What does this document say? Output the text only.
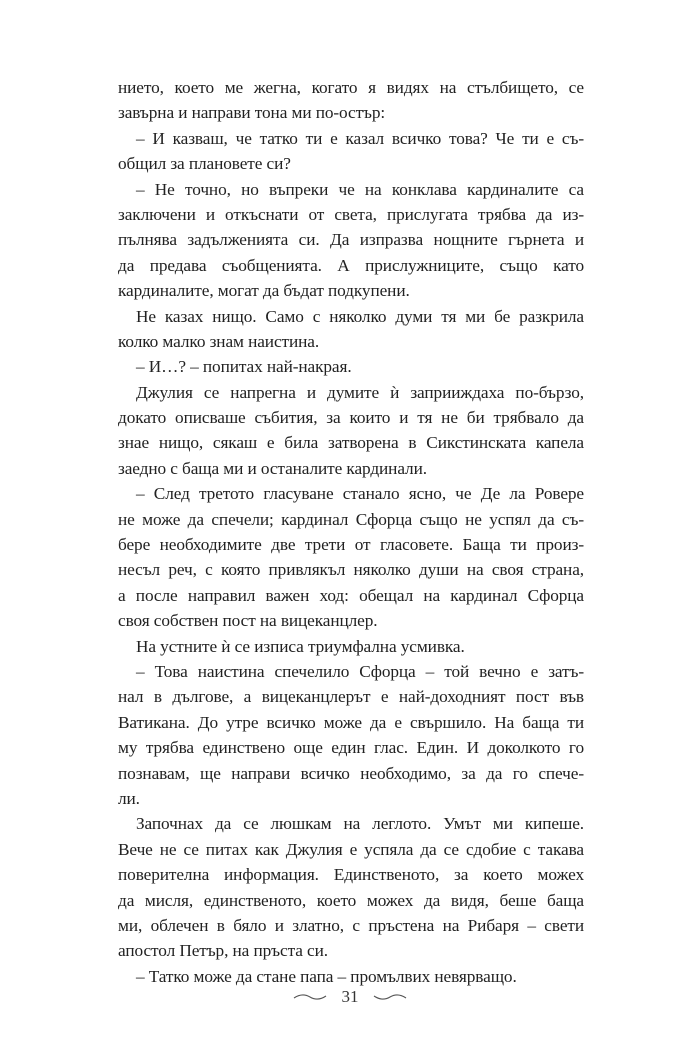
нието, което ме жегна, когато я видях на стълбището, се
завърна и направи тона ми по-остър:
– И казваш, че татко ти е казал всичко това? Че ти е съ-
общил за плановете си?
– Не точно, но въпреки че на конклава кардиналите са
заключени и откъснати от света, прислугата трябва да из-
пълнява задълженията си. Да изпразва нощните гърнета и
да предава съобщенията. А прислужниците, също като
кардиналите, могат да бъдат подкупени.
Не казах нищо. Само с няколко думи тя ми бе разкрила
колко малко знам наистина.
– И…? – попитах най-накрая.
Джулия се напрегна и думите ѝ заприиждаха по-бързо,
докато описваше събития, за които и тя не би трябвало да
знае нищо, сякаш е била затворена в Сикстинската капела
заедно с баща ми и останалите кардинали.
– След третото гласуване станало ясно, че Де ла Ровере
не може да спечели; кардинал Сфорца също не успял да съ-
бере необходимите две трети от гласовете. Баща ти произ-
несъл реч, с която привлякъл няколко души на своя страна,
а после направил важен ход: обещал на кардинал Сфорца
своя собствен пост на вицеканцлер.
На устните ѝ се изписа триумфална усмивка.
– Това наистина спечелило Сфорца – той вечно е затъ-
нал в дългове, а вицеканцлерът е най-доходният пост във
Ватикана. До утре всичко може да е свършило. На баща ти
му трябва единствено още един глас. Един. И доколкото го
познавам, ще направи всичко необходимо, за да го спече-
ли.
Започнах да се люшкам на леглото. Умът ми кипеше.
Вече не се питах как Джулия е успяла да се сдобие с такава
поверителна информация. Единственото, за което можех
да мисля, единственото, което можех да видя, беше баща
ми, облечен в бяло и златно, с пръстена на Рибаря – свети
апостол Петър, на пръста си.
– Татко може да стане папа – промълвих невярващо.
31
